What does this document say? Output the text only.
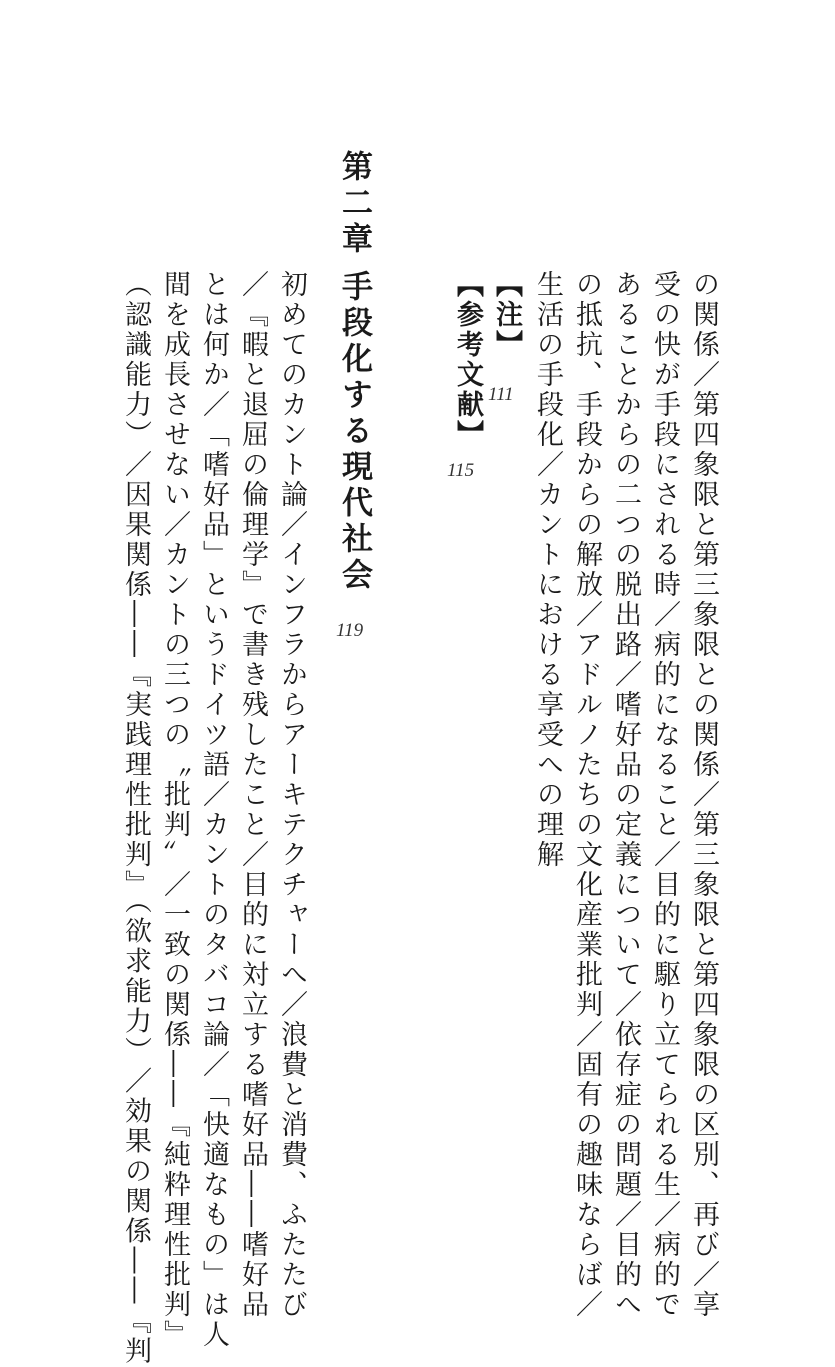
の関係／第四象限と第三象限との関係／第三象限と第四象限の区別、再び／享
受の快が手段にされる時／病的になること／目的に駆り立てられる生／病的で
あることからの二つの脱出路／嗜好品の定義について／依存症の問題／目的へ
の抵抗、手段からの解放／アドルノたちの文化産業批判／固有の趣味ならば／
生活の手段化／カントにおける享受への理解
【注】
111
【参考文献】
115
第二章
手段化する現代社会
119
初めてのカント論／インフラからアーキテクチャーへ／浪費と消費、ふたたび
／『暇と退屈の倫理学』で書き残したこと／目的に対立する嗜好品――嗜好品
とは何か／「嗜好品」というドイツ語／カントのタバコ論／「快適なもの」は人
間を成長させない／カントの三つの〝批判〟／一致の関係――『純粋理性批判』
（認識能力）／因果関係――『実践理性批判』（欲求能力）／効果の関係――『判
